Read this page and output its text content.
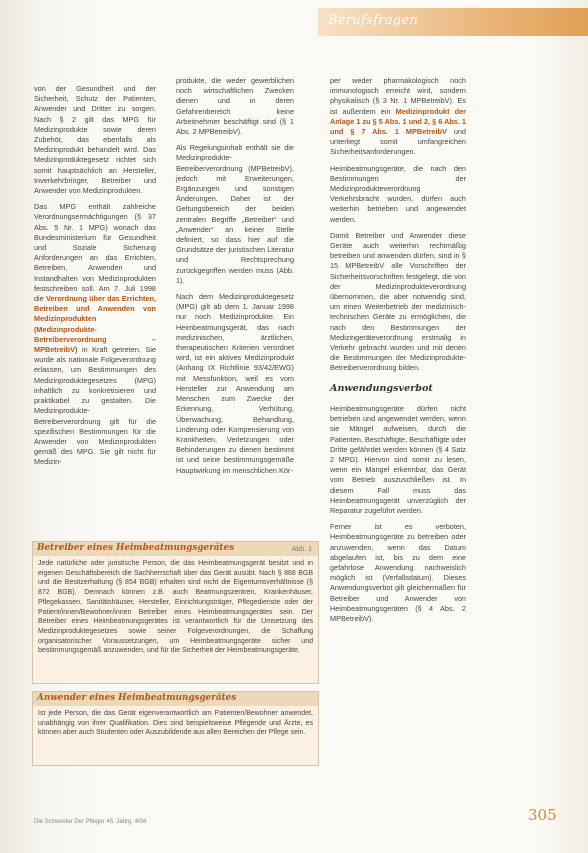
Berufsfragen

von der Gesundheit und der Sicherheit, Schutz der Patienten, Anwender und Dritter zu sorgen. Nach § 2 gilt das MPG für Medizinprodukte sowie deren Zubehör, das ebenfalls als Medizinprodukt behandelt wird. Das Medizinproduktegesetz richtet sich somit hauptsächlich an Hersteller, Inverkehrbringer, Betreiber und Anwender von Medizinprodukten.

Das MPG enthält zahlreiche Verordnungsermächtigungen (§ 37 Abs. 5 Nr. 1 MPG) wonach das Bundesministerium für Gesundheit und Soziale Sicherung Anforderungen an das Errichten, Betreiben, Anwenden und Instandhalten von Medizinprodukten festschreiben soll. Am 7. Juli 1998 die Verordnung über das Errichten, Betreiben und Anwenden von Medizinprodukten (Medizinprodukte-Betreiberverordnung – MPBetreibV) in Kraft getreten. Sie wurde als nationale Folgeverordnung erlassen, um Bestimmungen des Medizinproduktegesetzes (MPG) inhaltlich zu konkretisieren und praktikabel zu gestalten. Die Medizinprodukte-Betreiberverordnung gilt für die spezifischen Bestimmungen für die Anwender von Medizinprodukten gemäß des MPG. Sie gilt nicht für Medizin-

produkte, die weder gewerblichen noch wirtschaftlichen Zwecken dienen und in deren Gefahrenbereich keine Arbeitnehmer beschäftigt sind (§ 1 Abs. 2 MPBetreibV).

Als Regelungsinhalt enthält sie die Medizinprodukte-Betreiberverordnung (MPBetreibV), jedoch mit Erweiterungen, Ergänzungen und sonstigen Änderungen. Daher ist der Geltungsbereich der beiden zentralen Begriffe „Betreiber“ und „Anwender“ an keiner Stelle definiert, so dass hier auf die Grundsätze der juristischen Literatur und Rechtsprechung zurückgegriffen werden muss (Abb. 1).

Nach dem Medizinproduktegesetz (MPG) gilt ab dem 1. Januar 1998 nur noch Medizinprodukte. Ein Heimbeatmungsgerät, das nach medizinischen, ärztlichen, therapeutischen Kriterien verordnet wird, ist ein aktives Medizinprodukt (Anhang IX Richtlinie 93/42/EWG) mit Messfunktion, weil es vom Hersteller zur Anwendung am Menschen zum Zwecke der Erkennung, Verhütung, Überwachung, Behandlung, Linderung oder Kompensierung von Krankheiten, Verletzungen oder Behinderungen zu dienen bestimmt ist und seine bestimmungsgemäße Hauptwirkung im menschlichen Kör-

per weder pharmakologisch noch immunologisch erreicht wird, sondern physikalisch (§ 3 Nr. 1 MPBetreibV). Es ist außerdem ein Medizinprodukt der Anlage 1 zu § 5 Abs. 1 und 2, § 6 Abs. 1 und § 7 Abs. 1 MPBetreibV und unterliegt somit umfangreichen Sicherheitsanforderungen.

Heimbeatmungsgeräte, die nach den Bestimmungen der Medizinprodukteverordnung Verkehrsbracht wurden, dürfen auch weiterhin betrieben und angewendet werden.

Damit Betreiber und Anwender diese Geräte auch weiterhin rechtmäßig betreiben und anwenden dürfen, sind in § 15 MPBetreibV alle Vorschriften der Sicherheitsvorschriften festgelegt, die von der Medizinprodukteverordnung übernommen, die aber notwendig sind, um einen Weiterbetrieb der medizinisch-technischen Geräte zu ermöglichen, die nach den Bestimmungen der Medizingeräteverordnung erstmalig in Verkehr gebracht wurden und mit denen die Bestimmungen der Medizinprodukte-Betreiberverordnung bilden.

Anwendungsverbot

Heimbeatmungsgeräte dürfen nicht betrieben und angewendet werden, wenn sie Mängel aufweisen, durch die Patienten, Beschäftigte, Beschäftigte oder Dritte gefährdet werden können (§ 4 Satz 2 MPG). Hiervon sind somit zu lesen, wenn ein Mangel erkennbar, das Gerät vom Betrieb auszuschließen ist. In diesem Fall muss das Heimbeatmungsgerät unverzüglich der Reparatur zugeführt werden.

Ferner ist es verboten, Heimbeatmungsgeräte zu betreiben oder anzuwenden, wenn das Datum abgelaufen ist, bis zu dem eine gefahrlose Anwendung nachweislich möglich ist (Verfallsdatum). Dieses Anwendungsverbot gilt gleichermaßen für Betreiber und Anwender von Heimbeatmungsgeräten (§ 4 Abs. 2 MPBetreibV).

Betreiber eines Heimbeatmungsgerätes	Abb. 1
Jede natürliche oder juristische Person, die das Heimbeatmungsgerät besitzt und in eigenen Geschäftsbereich die Sachherrschaft über das Gerät ausübt. Nach § 868 BGB und die Besitzerhaltung (§ 854 BGB) erhalten sind nicht die Eigentumsverhältnisse (§ 872 BGB). Demnach können z.B. auch Beatmungszentren, Krankenhäuser, Pflegekassen, Sanitätshäuser, Hersteller, Einrichtungsträger, Pflegedienste oder der Patient/innen/Bewohner/innen Betreiber eines Heimbeatmungsgerätes sein. Der Betreiber eines Heimbeatmungsgerätes ist verantwortlich für die Umsetzung des Medizinproduktegesetzes sowie seiner Folgeverordnungen, die Schaffung organisatorischer Voraussetzungen, um Heimbeatmungsgeräte sicher und bestimmungsgemäß anzuwenden, und für die Sicherheit der Heimbeatmungsgeräte.
Anwender eines Heimbeatmungsgerätes
Ist jede Person, die das Gerät eigenverantwortlich am Patienten/Bewohner anwendet, unabhängig von ihrer Qualifikation. Dies sind beispielsweise Pflegende und Ärzte, es können aber auch Studenten oder Auszubildende aus allen Bereichen der Pflege sein.
Die Schwester Der Pfleger 45. Jahrg. 4/04	305
